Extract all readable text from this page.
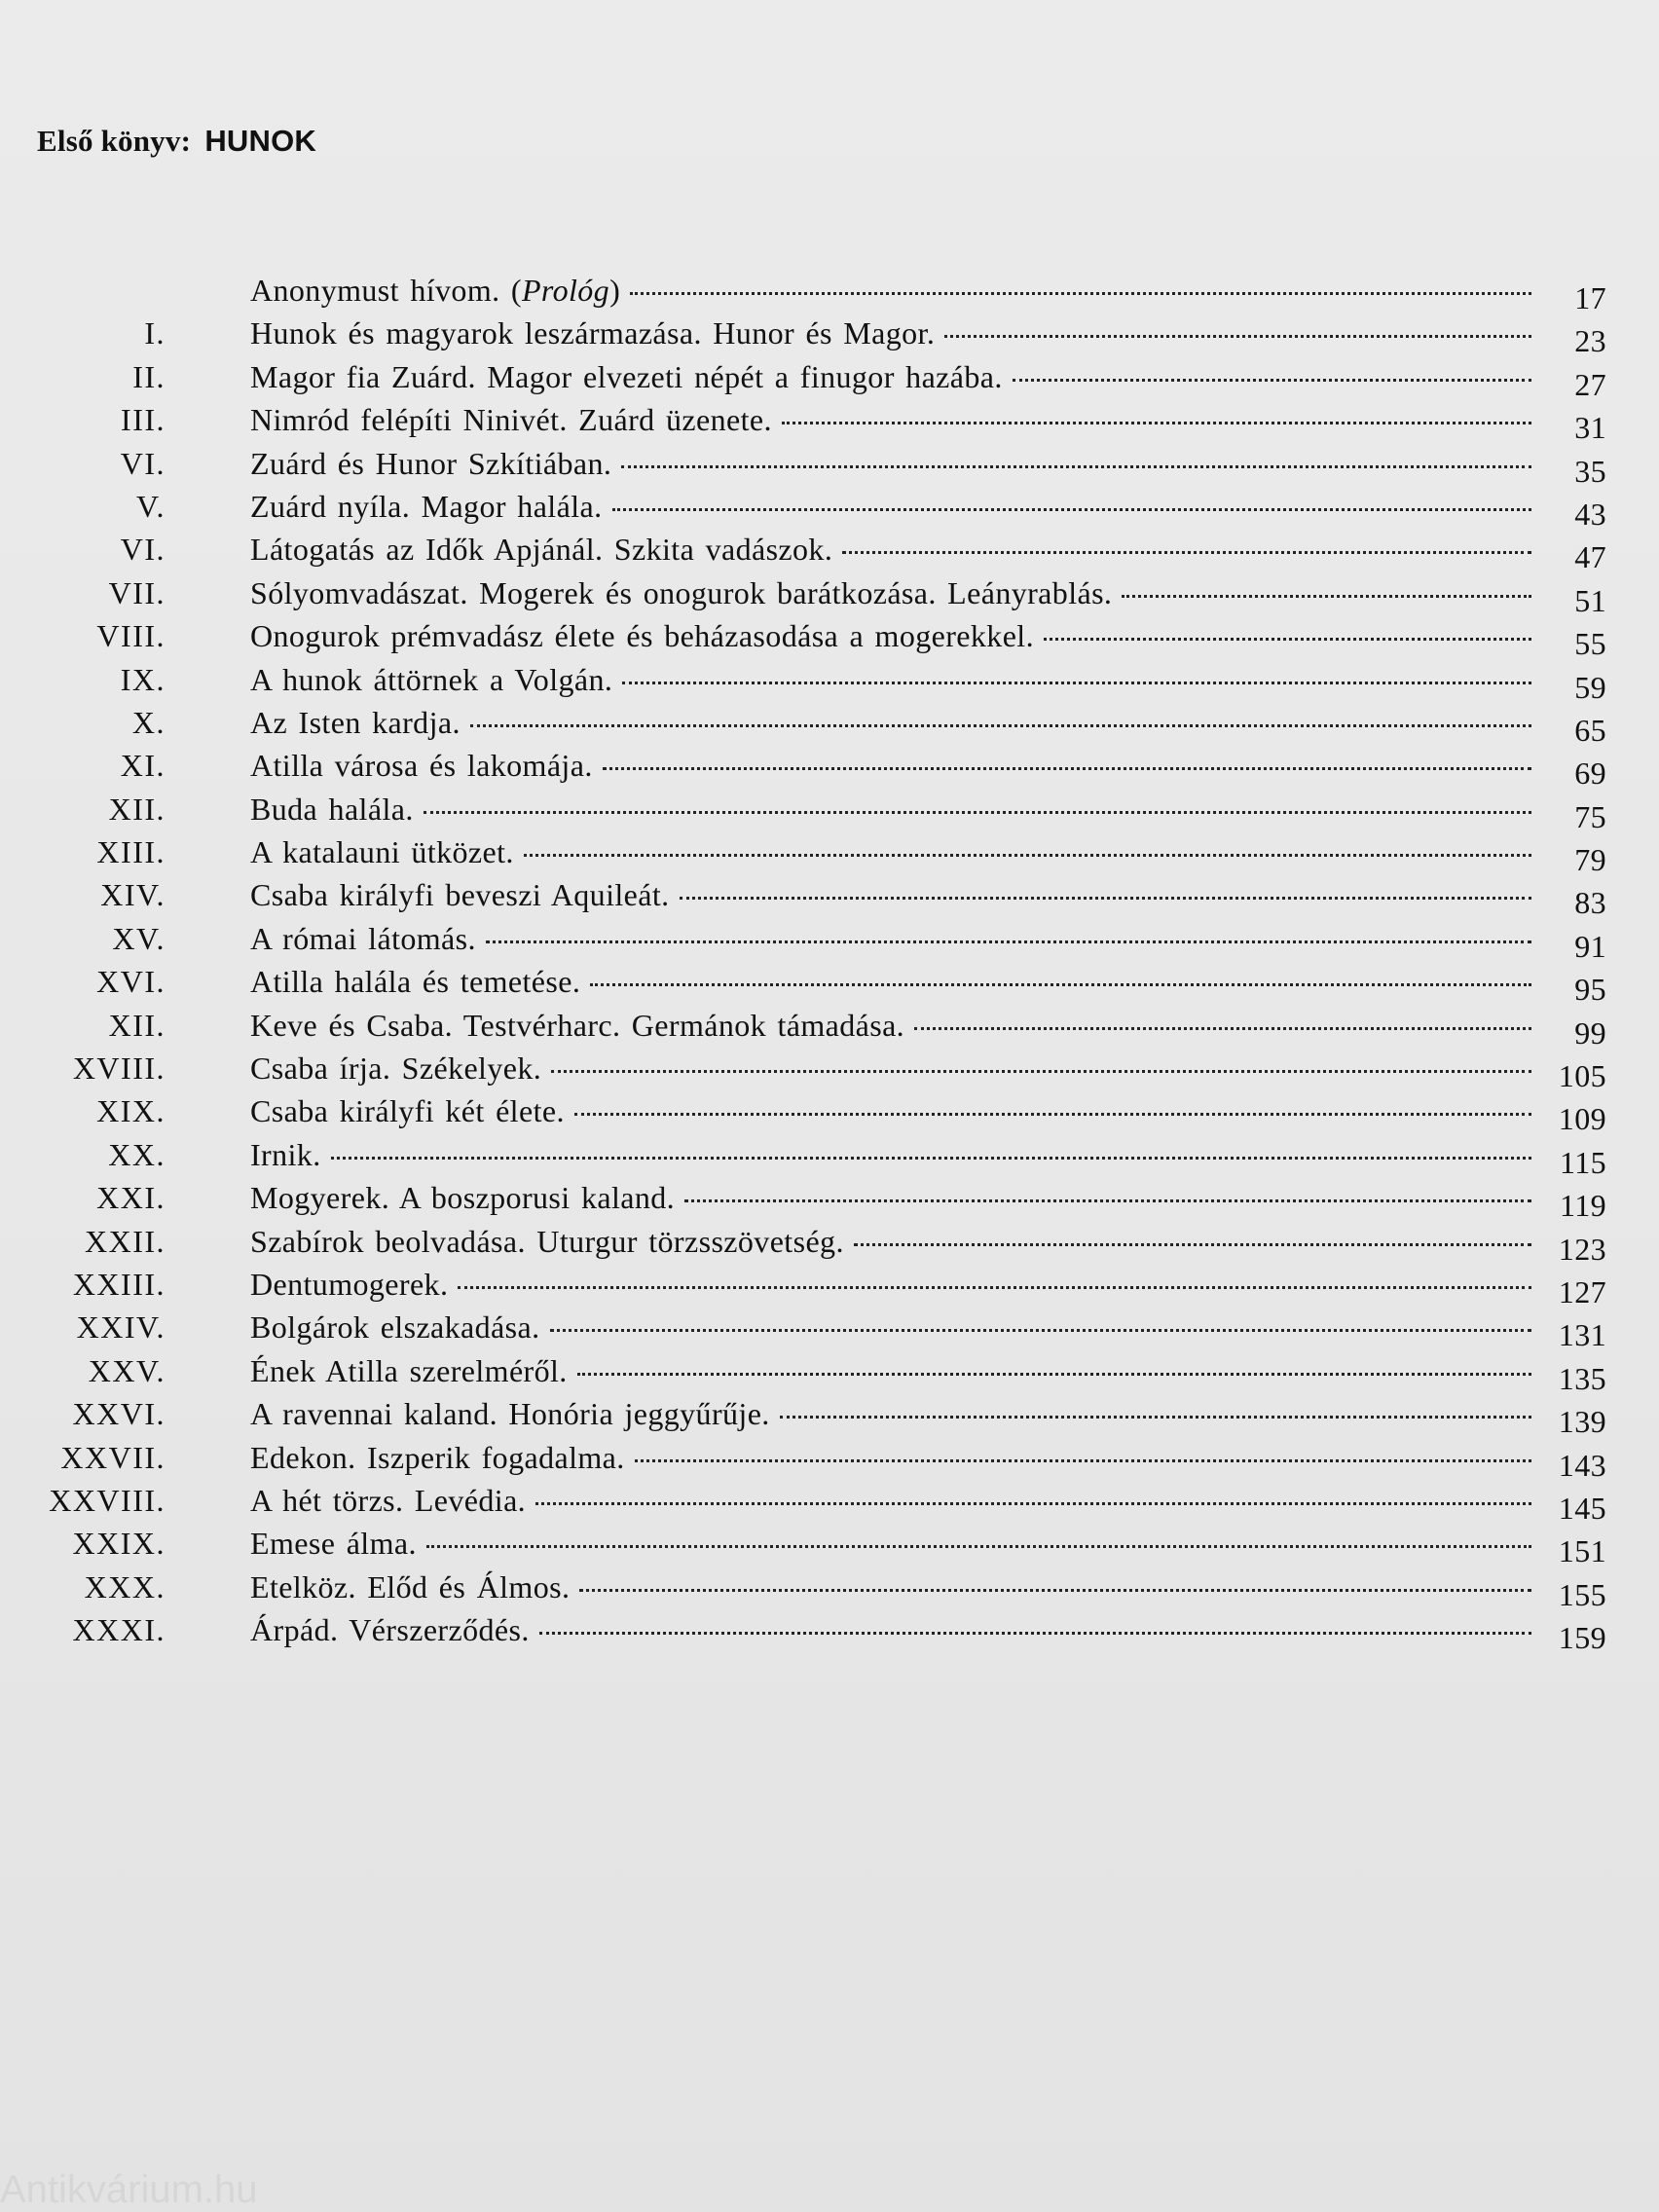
Első könyv: HUNOK
Anonymust hívom. (Prológ)	17
I.	Hunok és magyarok leszármazása. Hunor és Magor.	23
II.	Magor fia Zuárd. Magor elvezeti népét a finugor hazába.	27
III.	Nimród felépíti Ninivét. Zuárd üzenete.	31
VI.	Zuárd és Hunor Szkítiában.	35
V.	Zuárd nyíla. Magor halála.	43
VI.	Látogatás az Idők Apjánál. Szkita vadászok.	47
VII.	Sólyomvadászat. Mogerek és onogurok barátkozása. Leányrablás.	51
VIII.	Onogurok prémvadász élete és beházasodása a mogerekkel.	55
IX.	A hunok áttörnek a Volgán.	59
X.	Az Isten kardja.	65
XI.	Atilla városa és lakomája.	69
XII.	Buda halála.	75
XIII.	A katalauni ütközet.	79
XIV.	Csaba királyfi beveszi Aquileát.	83
XV.	A római látomás.	91
XVI.	Atilla halála és temetése.	95
XII.	Keve és Csaba. Testvérharc. Germánok támadása.	99
XVIII.	Csaba írja. Székelyek.	105
XIX.	Csaba királyfi két élete.	109
XX.	Irnik.	115
XXI.	Mogyerek. A boszporusi kaland.	119
XXII.	Szabírok beolvadása. Uturgur törzsszövetség.	123
XXIII.	Dentumogerek.	127
XXIV.	Bolgárok elszakadása.	131
XXV.	Ének Atilla szerelméről.	135
XXVI.	A ravennai kaland. Honória jeggyűrűje.	139
XXVII.	Edekon. Iszperik fogadalma.	143
XXVIII.	A hét törzs. Levédia.	145
XXIX.	Emese álma.	151
XXX.	Etelköz. Előd és Álmos.	155
XXXI.	Árpád. Vérszerződés.	159
Antikvárium.hu
